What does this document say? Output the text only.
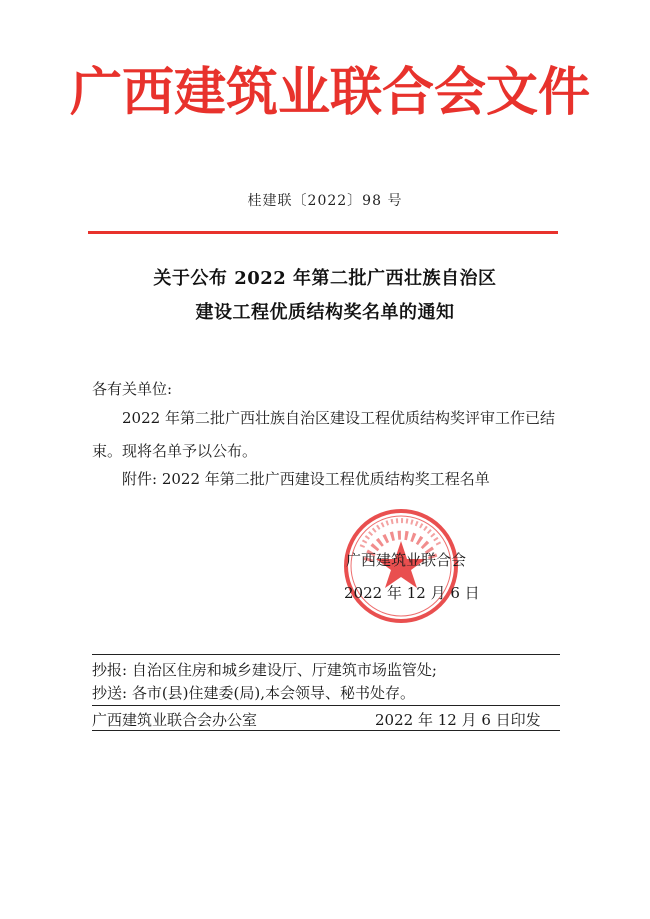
广西建筑业联合会文件
桂建联〔2022〕98 号
关于公布 2022 年第二批广西壮族自治区
建设工程优质结构奖名单的通知
各有关单位:
2022 年第二批广西壮族自治区建设工程优质结构奖评审工作已结束。现将名单予以公布。
附件: 2022 年第二批广西建设工程优质结构奖工程名单
广西建筑业联合会
2022 年 12 月 6 日
抄报: 自治区住房和城乡建设厅、厅建筑市场监管处;
抄送: 各市(县)住建委(局),本会领导、秘书处存。
广西建筑业联合会办公室	2022 年 12 月 6 日印发
